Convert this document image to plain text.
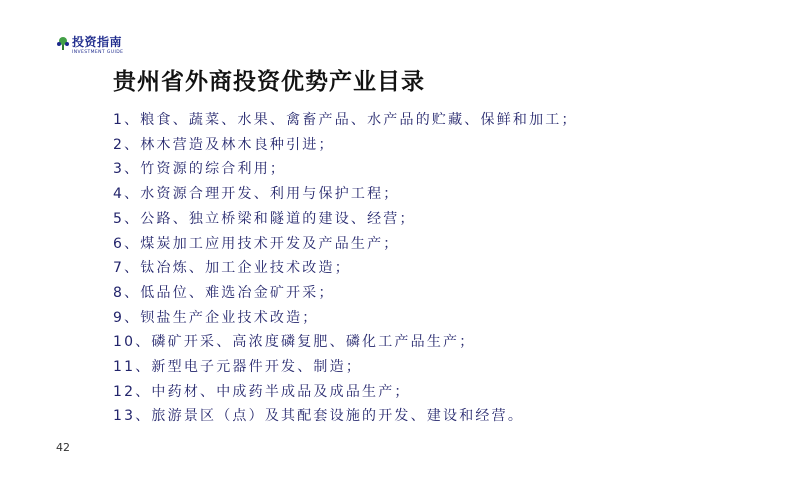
投资指南
INVESTMENT GUIDE
贵州省外商投资优势产业目录
1、粮食、蔬菜、水果、禽畜产品、水产品的贮藏、保鲜和加工；
2、林木营造及林木良种引进；
3、竹资源的综合利用；
4、水资源合理开发、利用与保护工程；
5、公路、独立桥梁和隧道的建设、经营；
6、煤炭加工应用技术开发及产品生产；
7、钛冶炼、加工企业技术改造；
8、低品位、难选冶金矿开采；
9、钡盐生产企业技术改造；
10、磷矿开采、高浓度磷复肥、磷化工产品生产；
11、新型电子元器件开发、制造；
12、中药材、中成药半成品及成品生产；
13、旅游景区（点）及其配套设施的开发、建设和经营。
42
